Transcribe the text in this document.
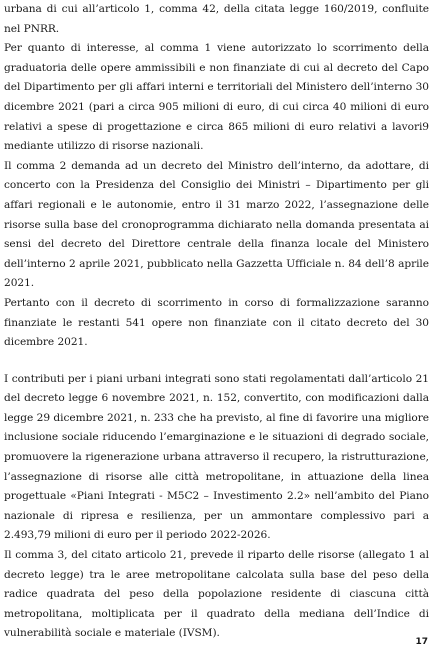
urbana di cui all’articolo 1, comma 42, della citata legge 160/2019, confluite nel PNRR.

Per quanto di interesse, al comma 1 viene autorizzato lo scorrimento della graduatoria delle opere ammissibili e non finanziate di cui al decreto del Capo del Dipartimento per gli affari interni e territoriali del Ministero dell’interno 30 dicembre 2021 (pari a circa 905 milioni di euro, di cui circa 40 milioni di euro relativi a spese di progettazione e circa 865 milioni di euro relativi a lavori9 mediante utilizzo di risorse nazionali.

Il comma 2 demanda ad un decreto del Ministro dell’interno, da adottare, di concerto con la Presidenza del Consiglio dei Ministri – Dipartimento per gli affari regionali e le autonomie, entro il 31 marzo 2022, l’assegnazione delle risorse sulla base del cronoprogramma dichiarato nella domanda presentata ai sensi del decreto del Direttore centrale della finanza locale del Ministero dell’interno 2 aprile 2021, pubblicato nella Gazzetta Ufficiale n. 84 dell’8 aprile 2021.

Pertanto con il decreto di scorrimento in corso di formalizzazione saranno finanziate le restanti 541 opere non finanziate con il citato decreto del 30 dicembre 2021.

I contributi per i piani urbani integrati sono stati regolamentati dall’articolo 21 del decreto legge 6 novembre 2021, n. 152, convertito, con modificazioni dalla legge 29 dicembre 2021, n. 233 che ha previsto, al fine di favorire una migliore inclusione sociale riducendo l’emarginazione e le situazioni di degrado sociale, promuovere la rigenerazione urbana attraverso il recupero, la ristrutturazione, l’assegnazione di risorse alle città metropolitane, in attuazione della linea progettuale «Piani Integrati - M5C2 – Investimento 2.2» nell’ambito del Piano nazionale di ripresa e resilienza, per un ammontare complessivo pari a 2.493,79 milioni di euro per il periodo 2022-2026.

Il comma 3, del citato articolo 21, prevede il riparto delle risorse (allegato 1 al decreto legge) tra le aree metropolitane calcolata sulla base del peso della radice quadrata del peso della popolazione residente di ciascuna città metropolitana, moltiplicata per il quadrato della mediana dell’Indice di vulnerabilità sociale e materiale (IVSM).

17
